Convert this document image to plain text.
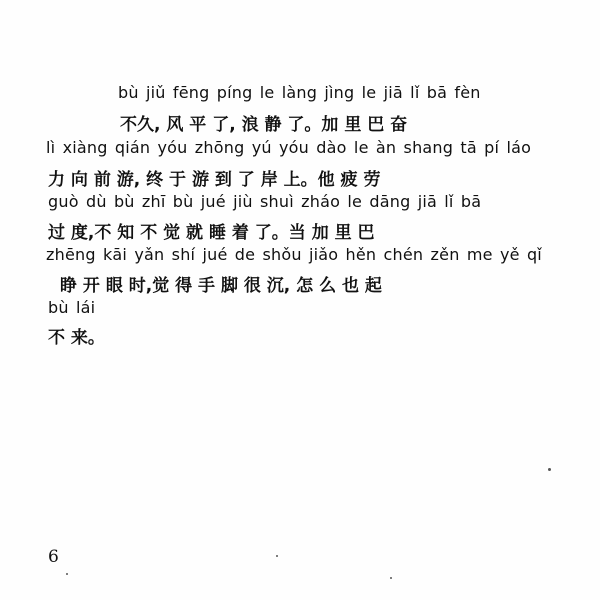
bù jiǔ fēng píng le làng jìng le jiā lǐ bā fèn
不久, 风 平 了, 浪 静 了。加 里 巴 奋
lì xiàng qián yóu zhōng yú yóu dào le àn shang tā pí láo
力 向 前 游, 终 于 游 到 了 岸 上。他 疲 劳
guò dù bù zhī bù jué jiù shuì zháo le dāng jiā lǐ bā
过 度,不 知 不 觉 就 睡 着 了。当 加 里 巴
zhēng kāi yǎn shí jué de shǒu jiǎo hěn chén zěn me yě qǐ
睁 开 眼 时,觉 得 手 脚 很 沉, 怎 么 也 起
bù lái
不 来。
6
